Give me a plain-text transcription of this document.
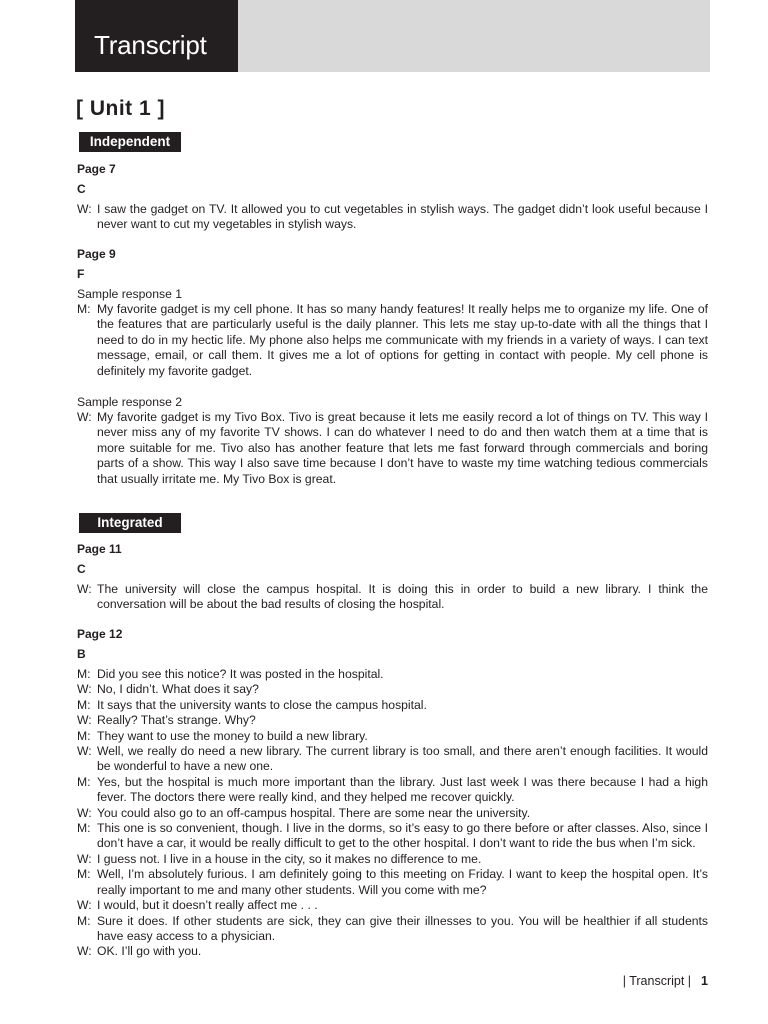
Transcript
[ Unit 1 ]
Independent

Page 7

C

W: I saw the gadget on TV. It allowed you to cut vegetables in stylish ways. The gadget didn’t look useful because I never want to cut my vegetables in stylish ways.

Page 9

F

Sample response 1

M: My favorite gadget is my cell phone. It has so many handy features! It really helps me to organize my life. One of the features that are particularly useful is the daily planner. This lets me stay up-to-date with all the things that I need to do in my hectic life. My phone also helps me communicate with my friends in a variety of ways. I can text message, email, or call them. It gives me a lot of options for getting in contact with people. My cell phone is definitely my favorite gadget.

Sample response 2

W: My favorite gadget is my Tivo Box. Tivo is great because it lets me easily record a lot of things on TV. This way I never miss any of my favorite TV shows. I can do whatever I need to do and then watch them at a time that is more suitable for me. Tivo also has another feature that lets me fast forward through commercials and boring parts of a show. This way I also save time because I don’t have to waste my time watching tedious commercials that usually irritate me. My Tivo Box is great.
Integrated

Page 11

C

W: The university will close the campus hospital. It is doing this in order to build a new library. I think the conversation will be about the bad results of closing the hospital.

Page 12

B

M: Did you see this notice? It was posted in the hospital.
W: No, I didn’t. What does it say?
M: It says that the university wants to close the campus hospital.
W: Really? That’s strange. Why?
M: They want to use the money to build a new library.
W: Well, we really do need a new library. The current library is too small, and there aren’t enough facilities. It would be wonderful to have a new one.
M: Yes, but the hospital is much more important than the library. Just last week I was there because I had a high fever. The doctors there were really kind, and they helped me recover quickly.
W: You could also go to an off-campus hospital. There are some near the university.
M: This one is so convenient, though. I live in the dorms, so it’s easy to go there before or after classes. Also, since I don’t have a car, it would be really difficult to get to the other hospital. I don’t want to ride the bus when I’m sick.
W: I guess not. I live in a house in the city, so it makes no difference to me.
M: Well, I’m absolutely furious. I am definitely going to this meeting on Friday. I want to keep the hospital open. It’s really important to me and many other students. Will you come with me?
W: I would, but it doesn’t really affect me . . .
M: Sure it does. If other students are sick, they can give their illnesses to you. You will be healthier if all students have easy access to a physician.
W: OK. I’ll go with you.
| Transcript | 1
